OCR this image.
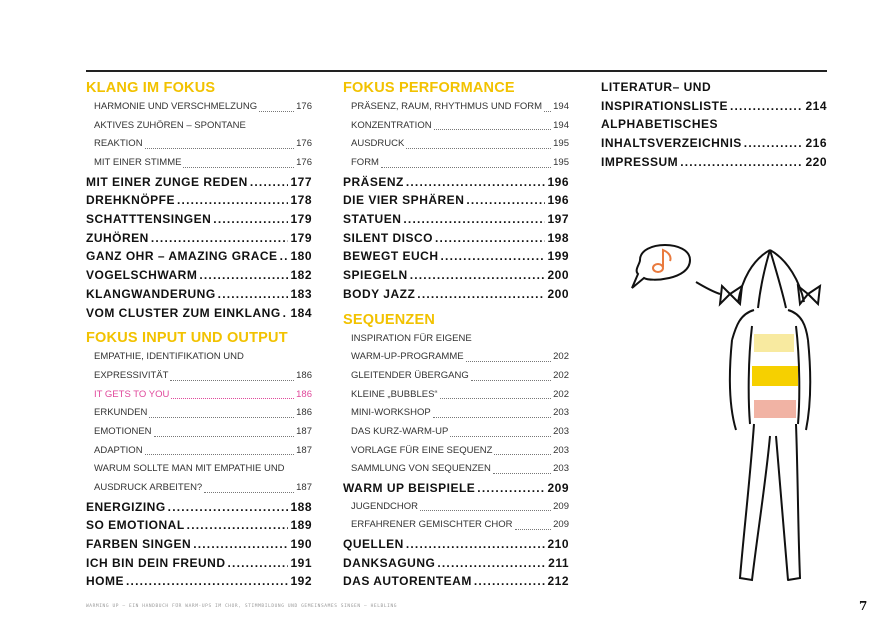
KLANG IM FOKUS
HARMONIE UND VERSCHMELZUNG	176
AKTIVES ZUHÖREN – SPONTANE
REAKTION	176
MIT EINER STIMME	176
MIT EINER ZUNGE REDEN .....	177
DREHKNÖPFE .....	178
SCHATTTENSINGEN .....	179
ZUHÖREN .....	179
GANZ OHR – AMAZING GRACE ..... 180
VOGELSCHWARM .....	182
KLANGWANDERUNG .....	183
VOM CLUSTER ZUM EINKLANG ..... 184
FOKUS INPUT UND OUTPUT
EMPATHIE, IDENTIFIKATION UND
EXPRESSIVITÄT	186
IT GETS TO YOU	186
ERKUNDEN	186
EMOTIONEN	187
ADAPTION	187
WARUM SOLLTE MAN MIT EMPATHIE UND
AUSDRUCK ARBEITEN?	187
ENERGIZING .....	188
SO EMOTIONAL .....	189
FARBEN SINGEN .....	190
ICH BIN DEIN FREUND .....	191
HOME .....	192
FOKUS PERFORMANCE
PRÄSENZ, RAUM, RHYTHMUS UND FORM 194
KONZENTRATION	194
AUSDRUCK	195
FORM	195
PRÄSENZ .....	196
DIE VIER SPHÄREN .....	196
STATUEN .....	197
SILENT DISCO .....	198
BEWEGT EUCH .....	199
SPIEGELN .....	200
BODY JAZZ .....	200
SEQUENZEN
INSPIRATION FÜR EIGENE
WARM-UP-PROGRAMME	202
GLEITENDER ÜBERGANG	202
KLEINE „BUBBLES“	202
MINI-WORKSHOP	203
DAS KURZ-WARM-UP	203
VORLAGE FÜR EINE SEQUENZ	203
SAMMLUNG VON SEQUENZEN	203
WARM UP BEISPIELE .....	209
JUGENDCHOR	209
ERFAHRENER GEMISCHTER CHOR	209
QUELLEN .....	210
DANKSAGUNG .....	211
DAS AUTORENTEAM .....	212
LITERATUR– UND
INSPIRATIONSLISTE .....	214
ALPHABETISCHES
INHALTSVERZEICHNIS .....	216
IMPRESSUM .....	220
WARMING UP – EIN HANDBUCH FÜR WARM-UPS IM CHOR, STIMMBILDUNG UND GEMEINSAMES SINGEN – HELBLING	7
